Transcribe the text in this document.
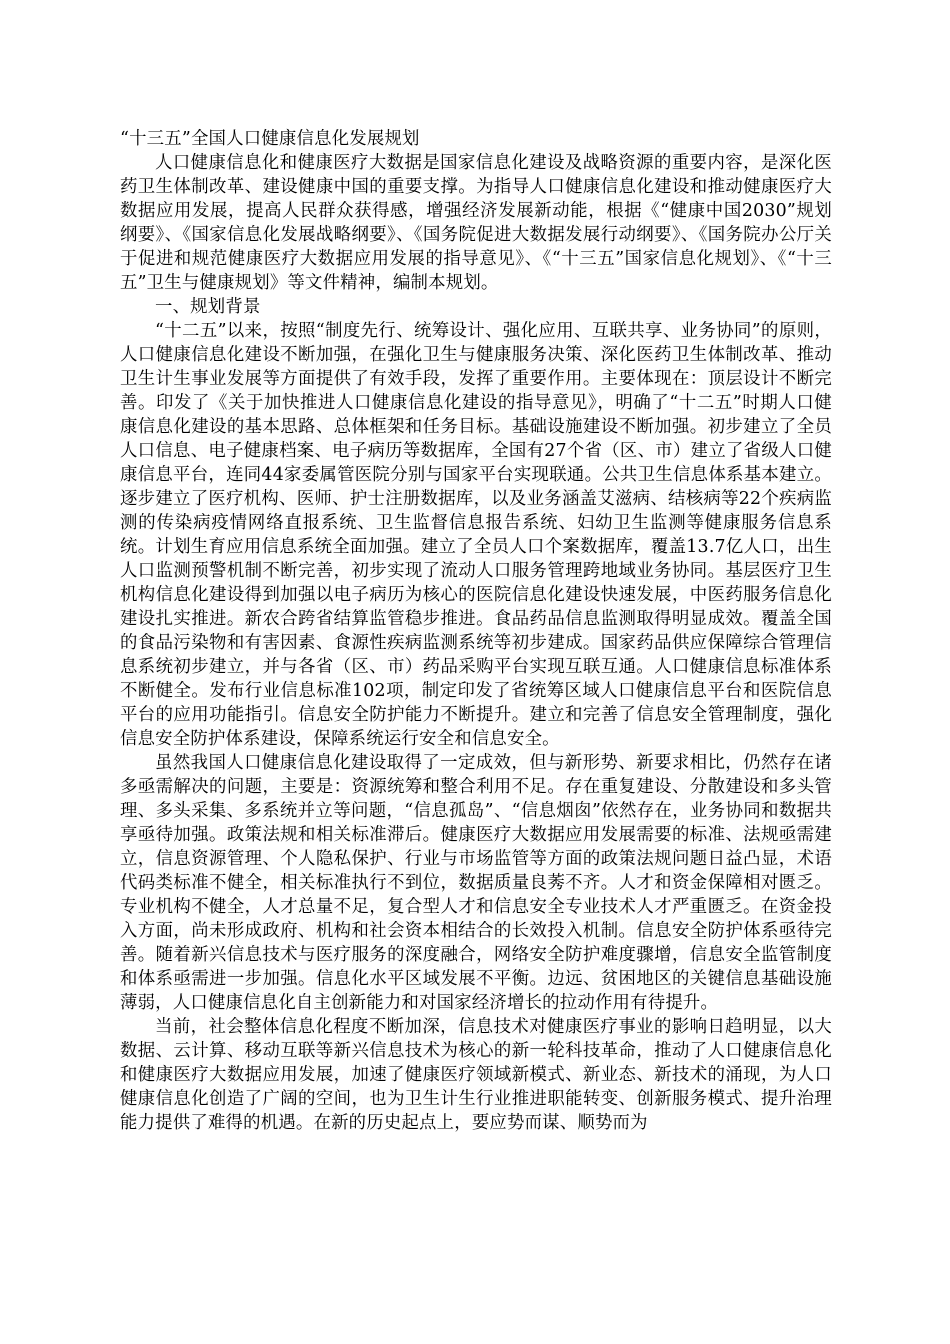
“十三五”全国人口健康信息化发展规划

人口健康信息化和健康医疗大数据是国家信息化建设及战略资源的重要内容，是深化医药卫生体制改革、建设健康中国的重要支撑。为指导人口健康信息化建设和推动健康医疗大数据应用发展，提高人民群众获得感，增强经济发展新动能，根据《“健康中国2030”规划纲要》、《国家信息化发展战略纲要》、《国务院促进大数据发展行动纲要》、《国务院办公厅关于促进和规范健康医疗大数据应用发展的指导意见》、《“十三五”国家信息化规划》、《“十三五”卫生与健康规划》等文件精神，编制本规划。

一、规划背景

“十二五”以来，按照“制度先行、统筹设计、强化应用、互联共享、业务协同”的原则，人口健康信息化建设不断加强，在强化卫生与健康服务决策、深化医药卫生体制改革、推动卫生计生事业发展等方面提供了有效手段，发挥了重要作用。主要体现在：顶层设计不断完善。印发了《关于加快推进人口健康信息化建设的指导意见》，明确了“十二五”时期人口健康信息化建设的基本思路、总体框架和任务目标。基础设施建设不断加强。初步建立了全员人口信息、电子健康档案、电子病历等数据库，全国有27个省（区、市）建立了省级人口健康信息平台，连同44家委属管医院分别与国家平台实现联通。公共卫生信息体系基本建立。逐步建立了医疗机构、医师、护士注册数据库，以及业务涵盖艾滋病、结核病等22个疾病监测的传染病疫情网络直报系统、卫生监督信息报告系统、妇幼卫生监测等健康服务信息系统。计划生育应用信息系统全面加强。建立了全员人口个案数据库，覆盖13.7亿人口，出生人口监测预警机制不断完善，初步实现了流动人口服务管理跨地域业务协同。基层医疗卫生机构信息化建设得到加强以电子病历为核心的医院信息化建设快速发展，中医药服务信息化建设扎实推进。新农合跨省结算监管稳步推进。食品药品信息监测取得明显成效。覆盖全国的食品污染物和有害因素、食源性疾病监测系统等初步建成。国家药品供应保障综合管理信息系统初步建立，并与各省（区、市）药品采购平台实现互联互通。人口健康信息标准体系不断健全。发布行业信息标准102项，制定印发了省统筹区域人口健康信息平台和医院信息平台的应用功能指引。信息安全防护能力不断提升。建立和完善了信息安全管理制度，强化信息安全防护体系建设，保障系统运行安全和信息安全。

虽然我国人口健康信息化建设取得了一定成效，但与新形势、新要求相比，仍然存在诸多亟需解决的问题，主要是：资源统筹和整合利用不足。存在重复建设、分散建设和多头管理、多头采集、多系统并立等问题，“信息孤岛”、“信息烟囱”依然存在，业务协同和数据共享亟待加强。政策法规和相关标准滞后。健康医疗大数据应用发展需要的标准、法规亟需建立，信息资源管理、个人隐私保护、行业与市场监管等方面的政策法规问题日益凸显，术语代码类标准不健全，相关标准执行不到位，数据质量良莠不齐。人才和资金保障相对匮乏。专业机构不健全，人才总量不足，复合型人才和信息安全专业技术人才严重匮乏。在资金投入方面，尚未形成政府、机构和社会资本相结合的长效投入机制。信息安全防护体系亟待完善。随着新兴信息技术与医疗服务的深度融合，网络安全防护难度骤增，信息安全监管制度和体系亟需进一步加强。信息化水平区域发展不平衡。边远、贫困地区的关键信息基础设施薄弱，人口健康信息化自主创新能力和对国家经济增长的拉动作用有待提升。

当前，社会整体信息化程度不断加深，信息技术对健康医疗事业的影响日趋明显，以大数据、云计算、移动互联等新兴信息技术为核心的新一轮科技革命，推动了人口健康信息化和健康医疗大数据应用发展，加速了健康医疗领域新模式、新业态、新技术的涌现，为人口健康信息化创造了广阔的空间，也为卫生计生行业推进职能转变、创新服务模式、提升治理能力提供了难得的机遇。在新的历史起点上，要应势而谋、顺势而为
